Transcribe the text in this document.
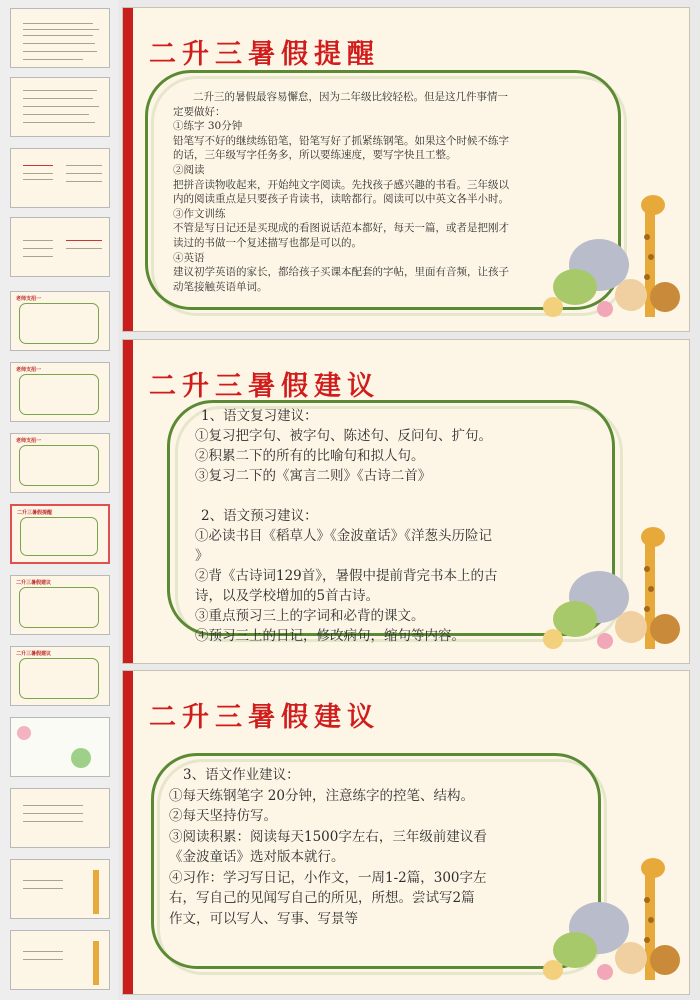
老师支招一
老师支招一
老师支招一
二升三暑假提醒
二升三暑假建议
二升三暑假建议
二升三暑假提醒

二升三的暑假最容易懈怠，因为二年级比较轻松。但是这几件事情一

定要做好：

①练字 30分钟

铅笔写不好的继续练铅笔，铅笔写好了抓紧练钢笔。如果这个时候不练字

的话，三年级写字任务多，所以要练速度，要写字快且工整。

②阅读

把拼音读物收起来，开始纯文字阅读。先找孩子感兴趣的书看。三年级以

内的阅读重点是只要孩子肯读书，读啥都行。阅读可以中英文各半小时。

③作文训练

不管是写日记还是买现成的看图说话范本都好，每天一篇，或者是把刚才

读过的书做一个复述描写也都是可以的。

④英语

建议初学英语的家长，都给孩子买课本配套的字帖，里面有音频，让孩子

动笔接触英语单词。

二升三暑假建议

1、语文复习建议：

①复习把字句、被字句、陈述句、反问句、扩句。

②积累二下的所有的比喻句和拟人句。

③复习二下的《寓言二则》《古诗二首》

2、语文预习建议：

①必读书目《稻草人》《金波童话》《洋葱头历险记

》

②背《古诗词129首》，暑假中提前背完书本上的古

诗，以及学校增加的5首古诗。

③重点预习三上的字词和必背的课文。

④预习三上的日记，修改病句，缩句等内容。

二升三暑假建议

3、语文作业建议：

①每天练钢笔字 20分钟，注意练字的控笔、结构。

②每天坚持仿写。

③阅读积累：阅读每天1500字左右，三年级前建议看

《金波童话》选对版本就行。

④习作：学习写日记，小作文，一周1-2篇，300字左

右，写自己的见闻写自己的所见，所想。尝试写2篇

作文，可以写人、写事、写景等
